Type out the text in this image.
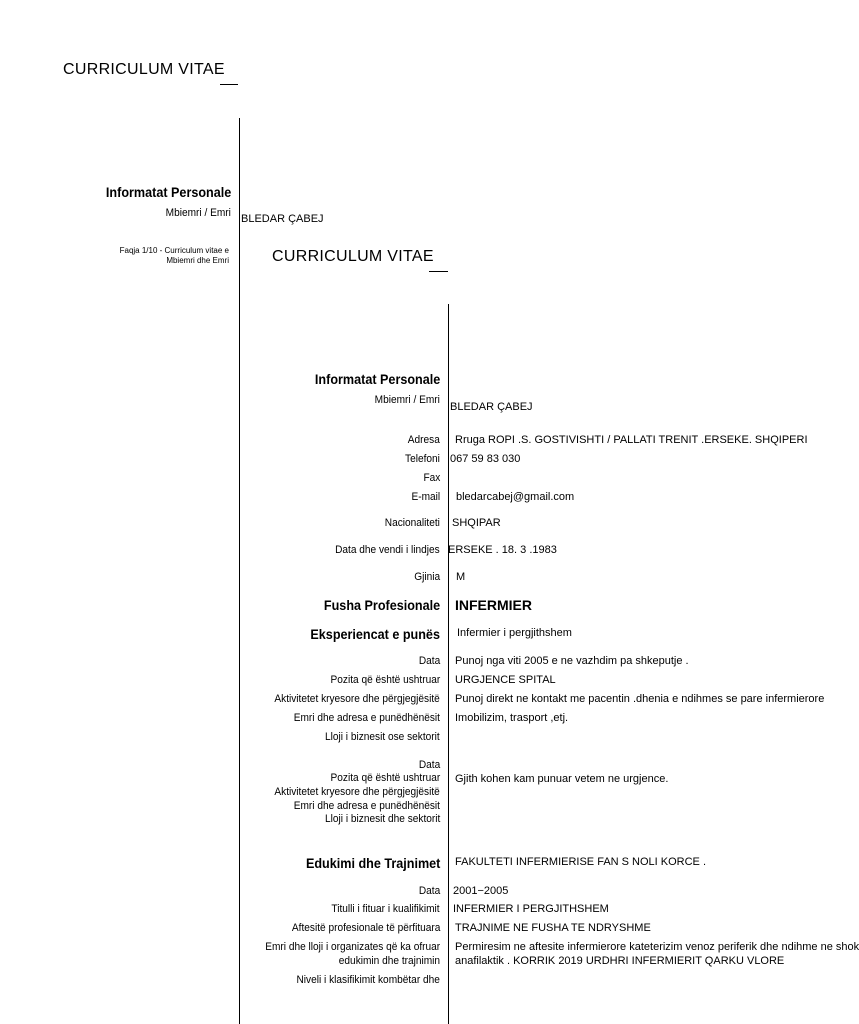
CURRICULUM VITAE
Informatat Personale
Mbiemri / Emri BLEDAR ÇABEJ
Faqja 1/10 - Curriculum vitae e
Mbiemri dhe Emri	CURRICULUM VITAE
Informatat Personale
Mbiemri / Emri
BLEDAR ÇABEJ
Adresa Rruga ROPI .S. GOSTIVISHTI / PALLATI TRENIT .ERSEKE. SHQIPERI
Telefoni 067 59 83 030
Fax
E-mail bledarcabej@gmail.com
Nacionaliteti SHQIPAR
Data dhe vendi i lindjes ERSEKE . 18. 3 .1983
Gjinia M
Fusha Profesionale INFERMIER
Eksperiencat e punës Infermier i pergjithshem
Data Punoj nga viti 2005 e ne vazhdim pa shkeputje .
Pozita që është ushtruar URGJENCE SPITAL
Aktivitetet kryesore dhe përgjegjësitë Punoj direkt ne kontakt me pacentin .dhenia e ndihmes se pare infermierore
Emri dhe adresa e punëdhënësit Imobilizim, trasport ,etj.
Lloji i biznesit ose sektorit
Data
Pozita që është ushtruar Gjith kohen kam punuar vetem ne urgjence.
Aktivitetet kryesore dhe përgjegjësitë
Emri dhe adresa e punëdhënësit
Lloji i biznesit dhe sektorit
Edukimi dhe Trajnimet FAKULTETI INFERMIERISE FAN S NOLI KORCE .
Data 2001−2005
Titulli i fituar i kualifikimit INFERMIER I PERGJITHSHEM
Aftesitë profesionale të përfituara TRAJNIME NE FUSHA TE NDRYSHME
Emri dhe lloji i organizates qё ka ofruar
edukimin dhe trajnimin
Permiresim ne aftesite infermierore kateterizim venoz periferik dhe ndihme ne shok
anafilaktik . KORRIK 2019 URDHRI INFERMIERIT QARKU VLORE
Niveli i klasifikimit kombëtar dhe
